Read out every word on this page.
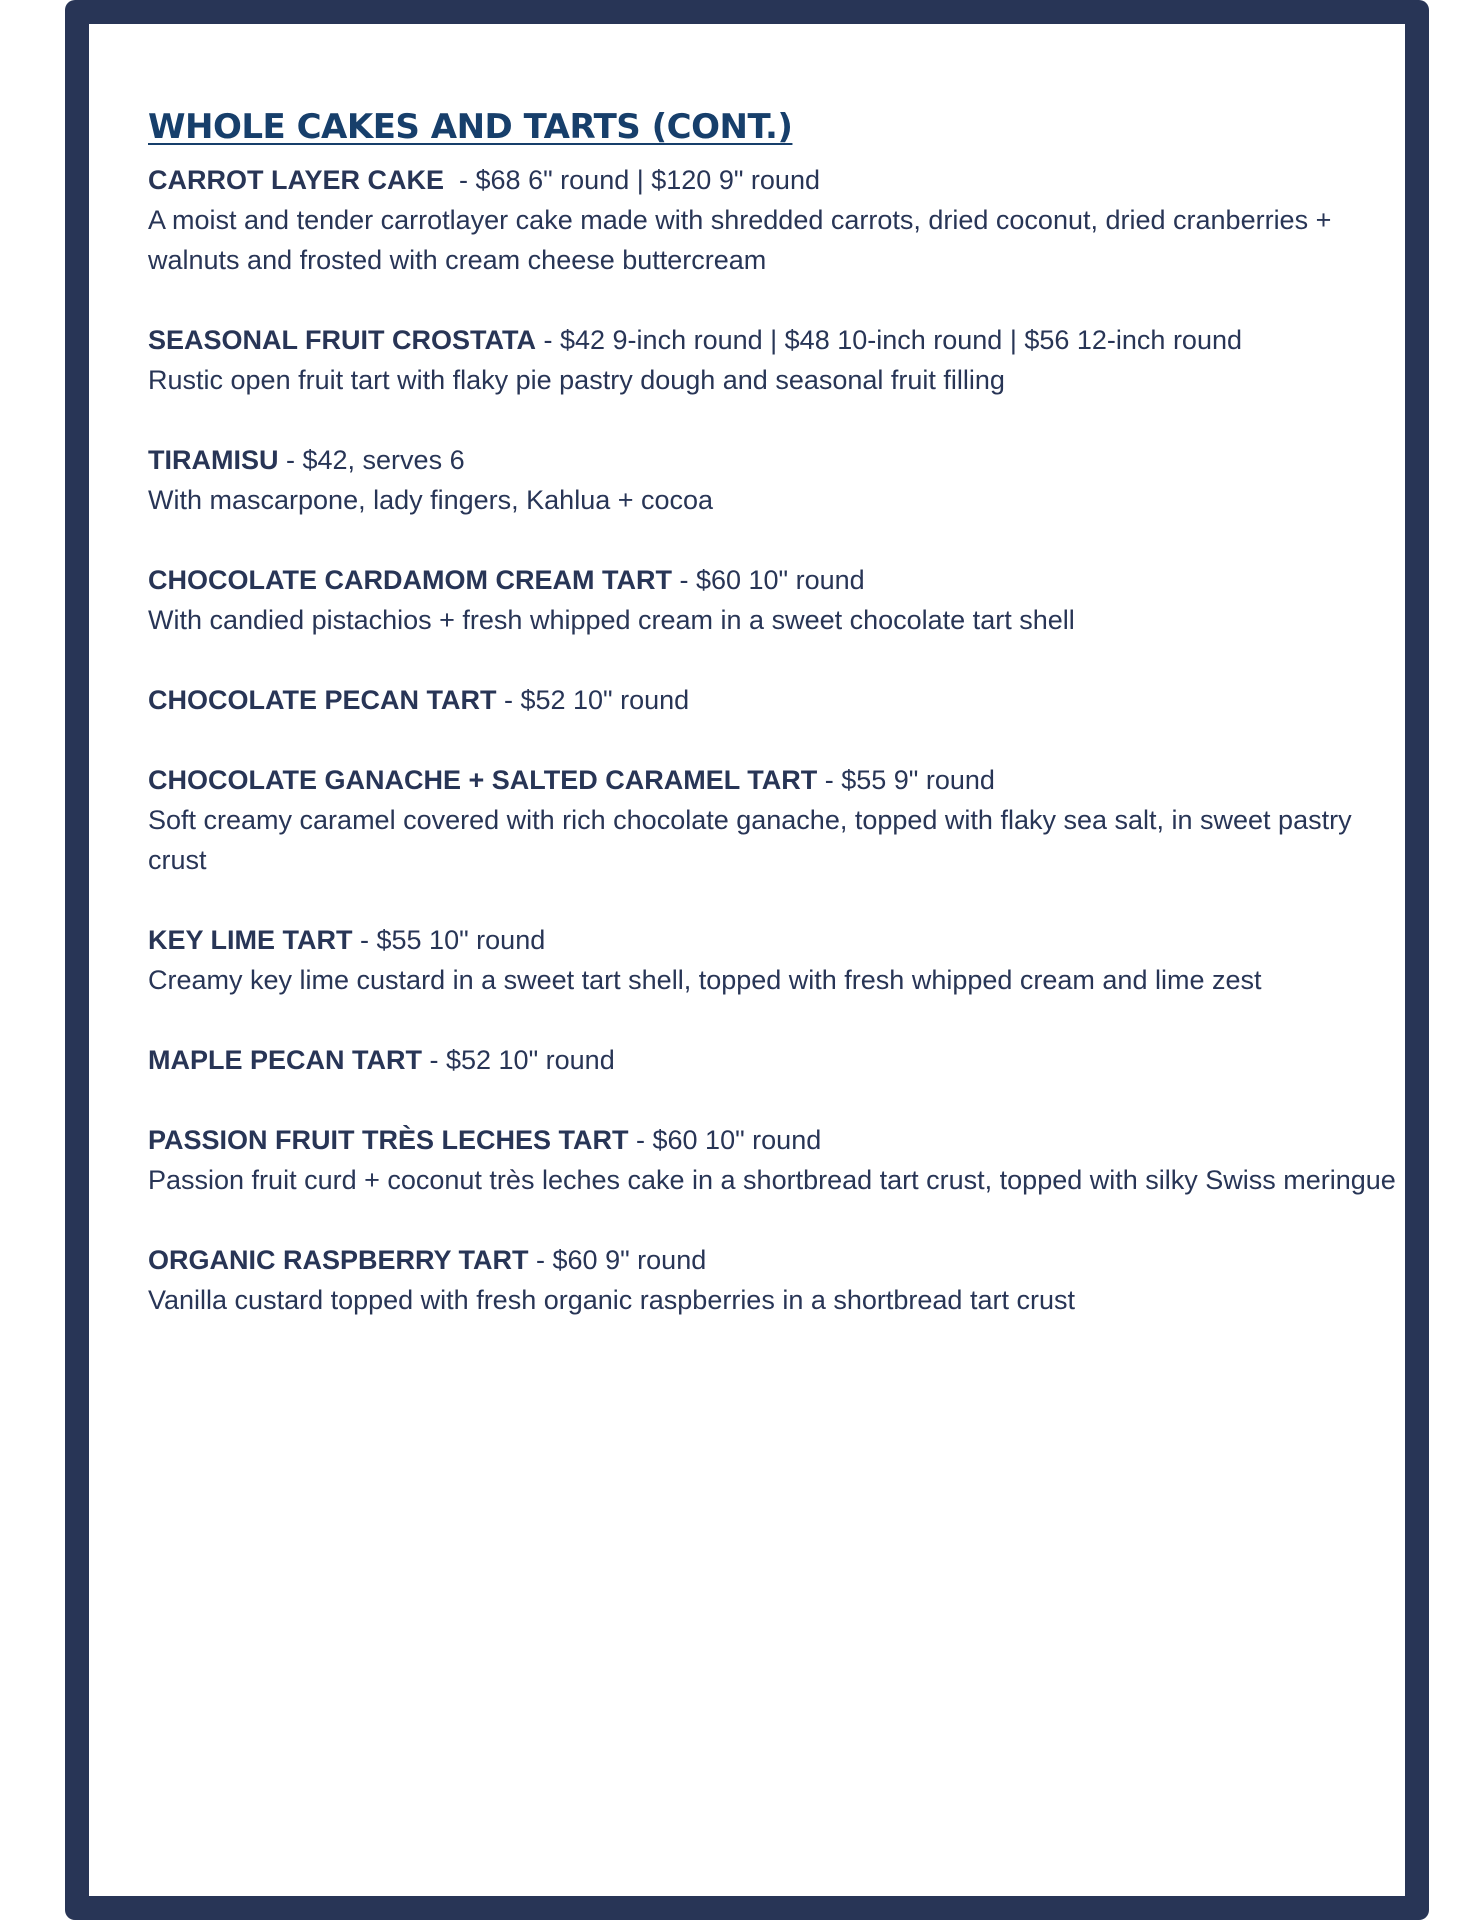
WHOLE CAKES AND TARTS (CONT.)

CARROT LAYER CAKE  - $68 6" round | $120 9" round

A moist and tender carrotlayer cake made with shredded carrots, dried coconut, dried cranberries + walnuts and frosted with cream cheese buttercream

SEASONAL FRUIT CROSTATA - $42 9-inch round | $48 10-inch round | $56 12-inch round

Rustic open fruit tart with flaky pie pastry dough and seasonal fruit filling

TIRAMISU - $42, serves 6

With mascarpone, lady fingers, Kahlua + cocoa

CHOCOLATE CARDAMOM CREAM TART - $60 10" round

With candied pistachios + fresh whipped cream in a sweet chocolate tart shell

CHOCOLATE PECAN TART - $52 10" round

CHOCOLATE GANACHE + SALTED CARAMEL TART - $55 9" round

Soft creamy caramel covered with rich chocolate ganache, topped with flaky sea salt, in sweet pastry crust

KEY LIME TART - $55 10" round

Creamy key lime custard in a sweet tart shell, topped with fresh whipped cream and lime zest

MAPLE PECAN TART - $52 10" round

PASSION FRUIT TRÈS LECHES TART - $60 10" round

Passion fruit curd + coconut très leches cake in a shortbread tart crust, topped with silky Swiss meringue

ORGANIC RASPBERRY TART - $60 9" round

Vanilla custard topped with fresh organic raspberries in a shortbread tart crust
